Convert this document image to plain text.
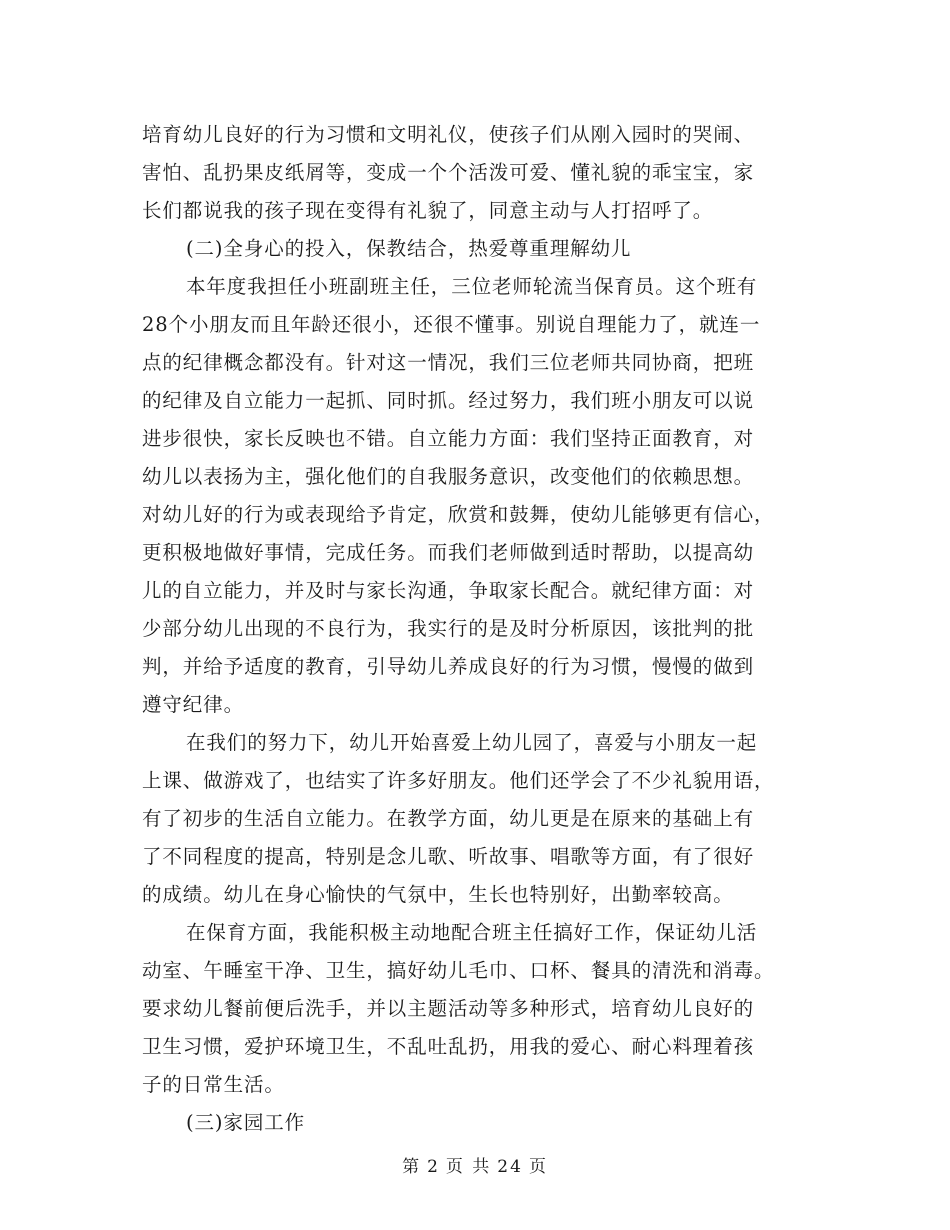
培育幼儿良好的行为习惯和文明礼仪，使孩子们从刚入园时的哭闹、
害怕、乱扔果皮纸屑等，变成一个个活泼可爱、懂礼貌的乖宝宝，家
长们都说我的孩子现在变得有礼貌了，同意主动与人打招呼了。
(二)全身心的投入，保教结合，热爱尊重理解幼儿
本年度我担任小班副班主任，三位老师轮流当保育员。这个班有
28个小朋友而且年龄还很小，还很不懂事。别说自理能力了，就连一
点的纪律概念都没有。针对这一情况，我们三位老师共同协商，把班
的纪律及自立能力一起抓、同时抓。经过努力，我们班小朋友可以说
进步很快，家长反映也不错。自立能力方面：我们坚持正面教育，对
幼儿以表扬为主，强化他们的自我服务意识，改变他们的依赖思想。
对幼儿好的行为或表现给予肯定，欣赏和鼓舞，使幼儿能够更有信心，
更积极地做好事情，完成任务。而我们老师做到适时帮助，以提高幼
儿的自立能力，并及时与家长沟通，争取家长配合。就纪律方面：对
少部分幼儿出现的不良行为，我实行的是及时分析原因，该批判的批
判，并给予适度的教育，引导幼儿养成良好的行为习惯，慢慢的做到
遵守纪律。
在我们的努力下，幼儿开始喜爱上幼儿园了，喜爱与小朋友一起
上课、做游戏了，也结实了许多好朋友。他们还学会了不少礼貌用语，
有了初步的生活自立能力。在教学方面，幼儿更是在原来的基础上有
了不同程度的提高，特别是念儿歌、听故事、唱歌等方面，有了很好
的成绩。幼儿在身心愉快的气氛中，生长也特别好，出勤率较高。
在保育方面，我能积极主动地配合班主任搞好工作，保证幼儿活
动室、午睡室干净、卫生，搞好幼儿毛巾、口杯、餐具的清洗和消毒。
要求幼儿餐前便后洗手，并以主题活动等多种形式，培育幼儿良好的
卫生习惯，爱护环境卫生，不乱吐乱扔，用我的爱心、耐心料理着孩
子的日常生活。
(三)家园工作
第 2 页 共 24 页
